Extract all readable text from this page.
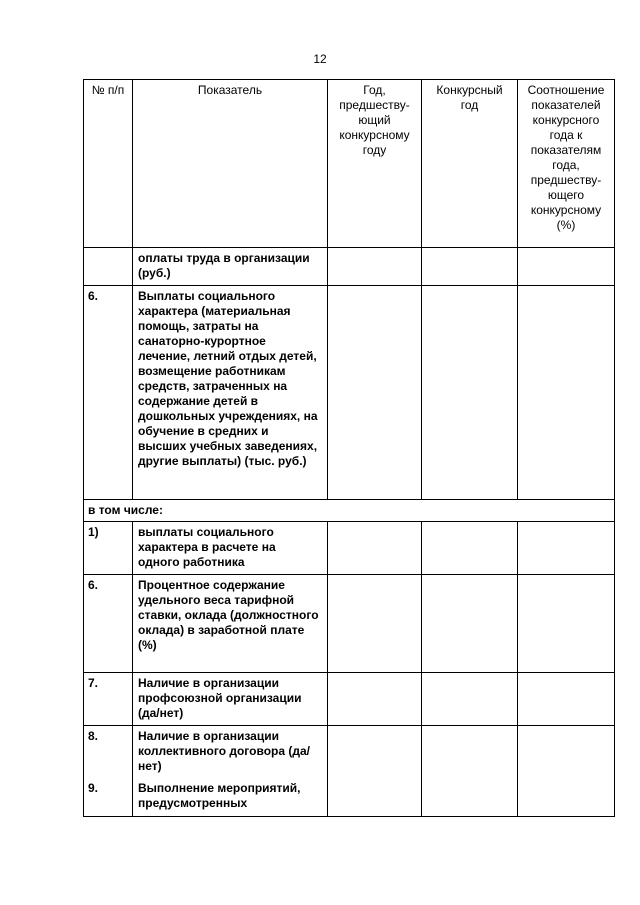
12
№ п/п	Показатель	Год, предшеству-ющий конкурсному году	Конкурсный год	Соотношение показателей конкурсного года к показателям года, предшеству-ющего конкурсному (%)
	оплаты труда в организации (руб.)			
6.	Выплаты социального характера (материальная помощь, затраты на санаторно-курортное лечение, летний отдых детей, возмещение работникам средств, затраченных на содержание детей в дошкольных учреждениях, на обучение в средних и высших учебных заведениях, другие выплаты) (тыс. руб.)			
в том числе:				
1)	выплаты социального характера в расчете на одного работника			
6.	Процентное содержание удельного веса тарифной ставки, оклада (должностного оклада) в заработной плате (%)			
7.	Наличие в организации профсоюзной организации (да/нет)			
8.	Наличие в организации коллективного договора (да/нет)			
9.	Выполнение мероприятий, предусмотренных			
